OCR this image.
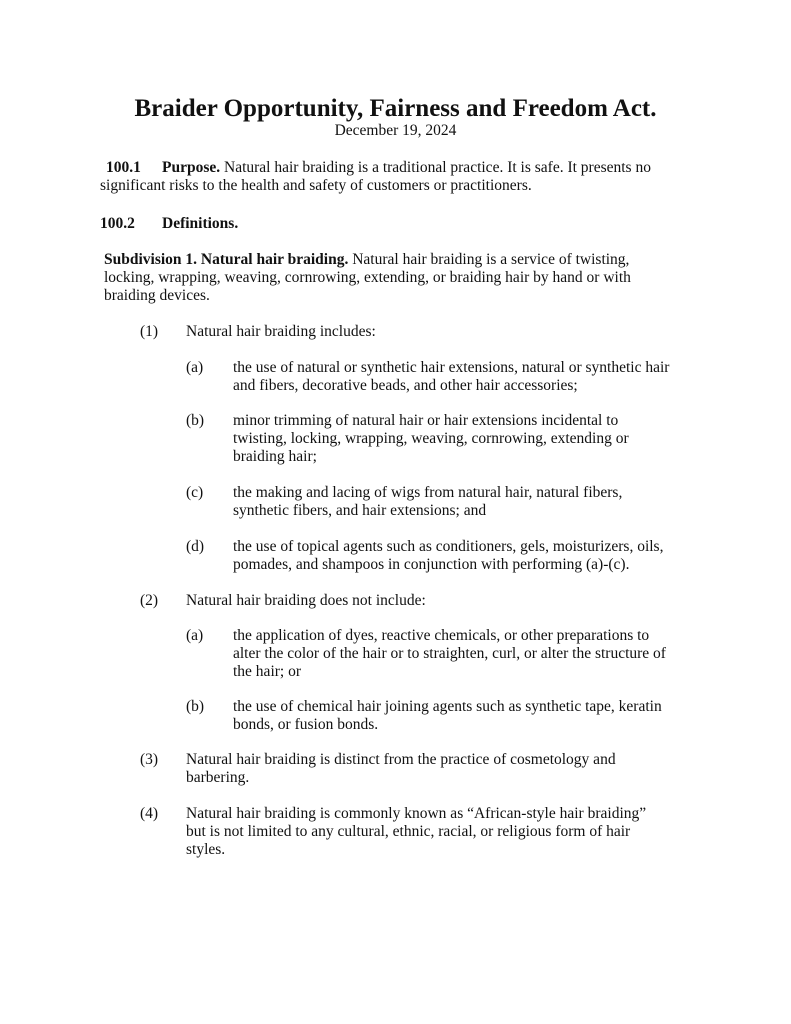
Braider Opportunity, Fairness and Freedom Act.
December 19, 2024
100.1 Purpose. Natural hair braiding is a traditional practice. It is safe. It presents no
significant risks to the health and safety of customers or practitioners.
100.2 Definitions.
Subdivision 1. Natural hair braiding. Natural hair braiding is a service of twisting,
locking, wrapping, weaving, cornrowing, extending, or braiding hair by hand or with
braiding devices.
(1) Natural hair braiding includes:
(a) the use of natural or synthetic hair extensions, natural or synthetic hair
and fibers, decorative beads, and other hair accessories;
(b) minor trimming of natural hair or hair extensions incidental to
twisting, locking, wrapping, weaving, cornrowing, extending or
braiding hair;
(c) the making and lacing of wigs from natural hair, natural fibers,
synthetic fibers, and hair extensions; and
(d) the use of topical agents such as conditioners, gels, moisturizers, oils,
pomades, and shampoos in conjunction with performing (a)-(c).
(2) Natural hair braiding does not include:
(a) the application of dyes, reactive chemicals, or other preparations to
alter the color of the hair or to straighten, curl, or alter the structure of
the hair; or
(b) the use of chemical hair joining agents such as synthetic tape, keratin
bonds, or fusion bonds.
(3) Natural hair braiding is distinct from the practice of cosmetology and
barbering.
(4) Natural hair braiding is commonly known as “African-style hair braiding”
but is not limited to any cultural, ethnic, racial, or religious form of hair
styles.
